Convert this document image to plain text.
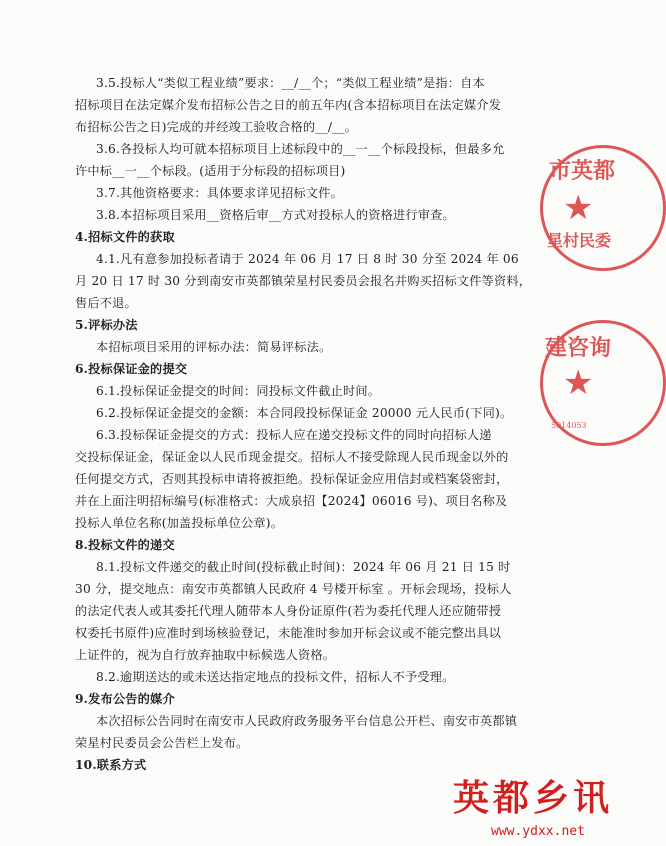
3.5.投标人“类似工程业绩”要求：__/__个；“类似工程业绩”是指：自本
招标项目在法定媒介发布招标公告之日的前五年内(含本招标项目在法定媒介发
布招标公告之日)完成的并经竣工验收合格的__/__。
3.6.各投标人均可就本招标项目上述标段中的__一__个标段投标，但最多允
许中标__一__个标段。(适用于分标段的招标项目)
3.7.其他资格要求：具体要求详见招标文件。
3.8.本招标项目采用__资格后审__方式对投标人的资格进行审查。
4.招标文件的获取
4.1.凡有意参加投标者请于 2024 年 06 月 17 日 8 时 30 分至 2024 年 06
月 20 日 17 时 30 分到南安市英都镇荣星村民委员会报名并购买招标文件等资料，
售后不退。
5.评标办法
本招标项目采用的评标办法：简易评标法。
6.投标保证金的提交
6.1.投标保证金提交的时间：同投标文件截止时间。
6.2.投标保证金提交的金额：本合同段投标保证金 20000 元人民币(下同)。
6.3.投标保证金提交的方式：投标人应在递交投标文件的同时向招标人递
交投标保证金，保证金以人民币现金提交。招标人不接受除现人民币现金以外的
任何提交方式，否则其投标申请将被拒绝。投标保证金应用信封或档案袋密封，
并在上面注明招标编号(标准格式：大成泉招【2024】06016 号)、项目名称及
投标人单位名称(加盖投标单位公章)。
8.投标文件的递交
8.1.投标文件递交的截止时间(投标截止时间)：2024 年 06 月 21 日 15 时
30 分，提交地点：南安市英都镇人民政府 4 号楼开标室 。开标会现场，投标人
的法定代表人或其委托代理人随带本人身份证原件(若为委托代理人还应随带授
权委托书原件)应准时到场核验登记，未能准时参加开标会议或不能完整出具以
上证件的，视为自行放弃抽取中标候选人资格。
8.2.逾期送达的或未送达指定地点的投标文件，招标人不予受理。
9.发布公告的媒介
本次招标公告同时在南安市人民政府政务服务平台信息公开栏、南安市英都镇
荣星村民委员会公告栏上发布。
10.联系方式
市英都
★
星村民委
建咨询
★
5014053
英都乡讯
www.ydxx.net
